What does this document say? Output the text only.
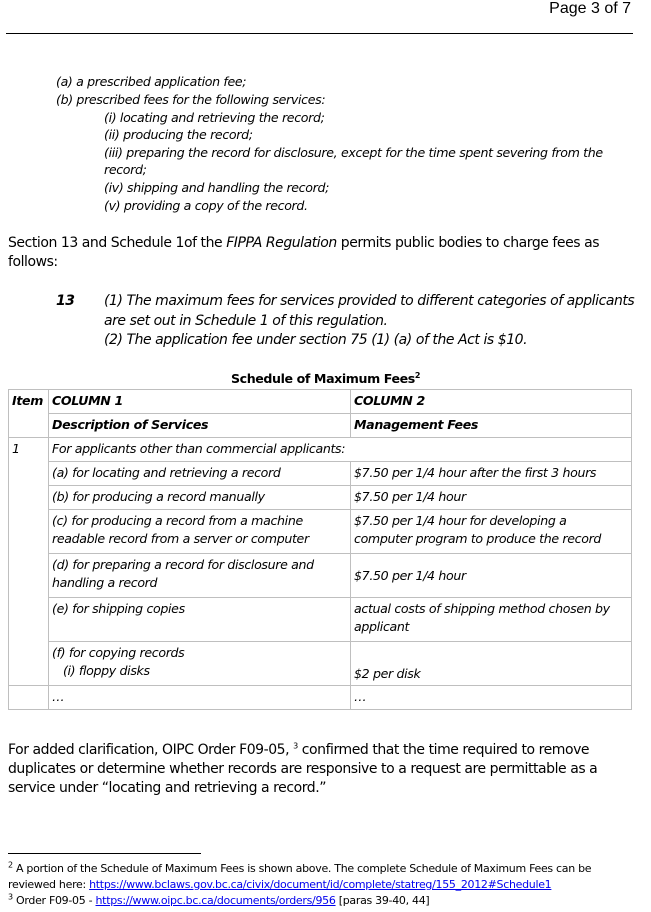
Page 3 of 7
(a) a prescribed application fee;
(b) prescribed fees for the following services:
(i) locating and retrieving the record;
(ii) producing the record;
(iii) preparing the record for disclosure, except for the time spent severing from the
record;
(iv) shipping and handling the record;
(v) providing a copy of the record.
Section 13 and Schedule 1of the FIPPA Regulation permits public bodies to charge fees as
follows:
13 (1) The maximum fees for services provided to different categories of applicants
are set out in Schedule 1 of this regulation.
(2) The application fee under section 75 (1) (a) of the Act is $10.
Schedule of Maximum Fees$^2$
Item	COLUMN 1	COLUMN 2
	Description of Services	Management Fees
1	For applicants other than commercial applicants:	
	(a) for locating and retrieving a record	$7.50 per 1/4 hour after the first 3 hours
	(b) for producing a record manually	$7.50 per 1/4 hour
	(c) for producing a record from a machine readable record from a server or computer	$7.50 per 1/4 hour for developing a computer program to produce the record
	(d) for preparing a record for disclosure and handling a record	$7.50 per 1/4 hour
	(e) for shipping copies	actual costs of shipping method chosen by applicant
	(f) for copying records
(i) floppy disks	$2 per disk
	…	…
For added clarification, OIPC Order F09-05, $^3$ confirmed that the time required to remove
duplicates or determine whether records are responsive to a request are permittable as a
service under “locating and retrieving a record.”
$^2$ A portion of the Schedule of Maximum Fees is shown above. The complete Schedule of Maximum Fees can be
reviewed here: https://www.bclaws.gov.bc.ca/civix/document/id/complete/statreg/155_2012#Schedule1
$^3$ Order F09-05 - https://www.oipc.bc.ca/documents/orders/956 [paras 39-40, 44]
